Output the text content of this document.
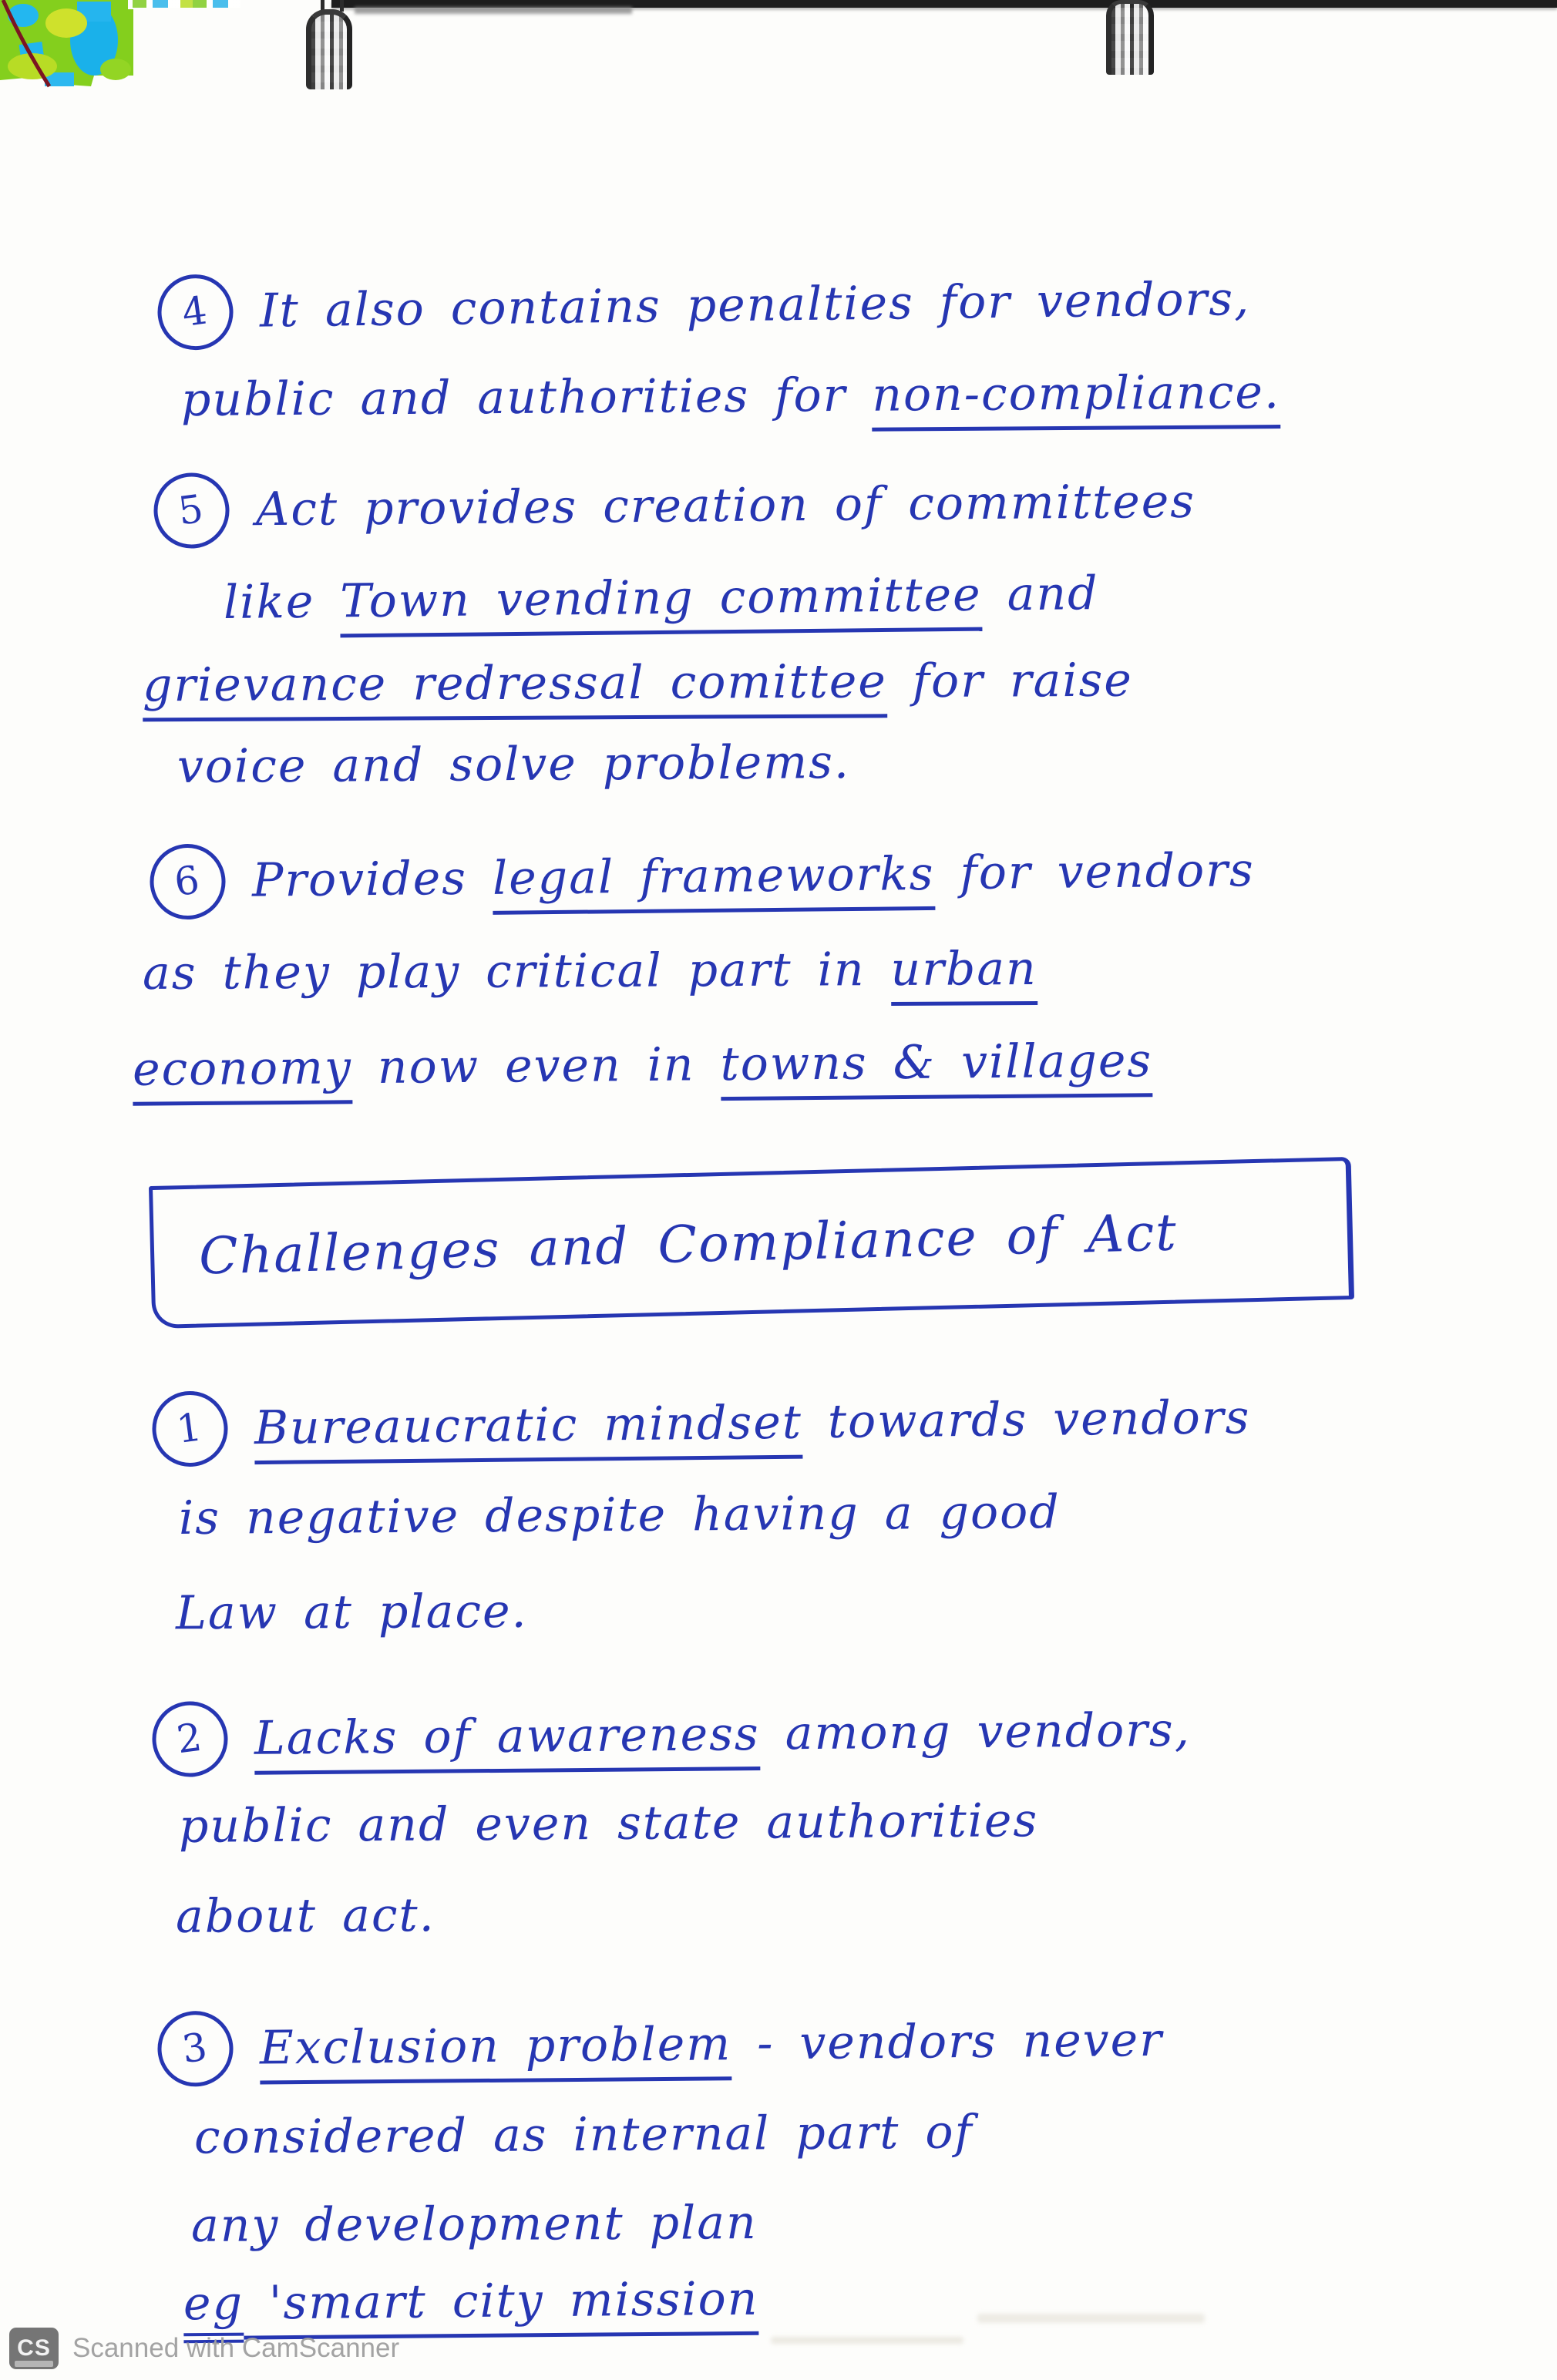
4 It also contains penalties for vendors,
public and authorities for non-compliance.
5 Act provides creation of committees
like Town vending committee and
grievance redressal comittee for raise
voice and solve problems.
6 Provides legal frameworks for vendors
as they play critical part in urban
economy now even in towns & villages
Challenges and Compliance of Act
1 Bureaucratic mindset towards vendors
is negative despite having a good
Law at place.
2 Lacks of awareness among vendors,
public and even state authorities
about act.
3 Exclusion problem - vendors never
considered as internal part of
any development plan
eg 'smart city mission
CS Scanned with CamScanner
